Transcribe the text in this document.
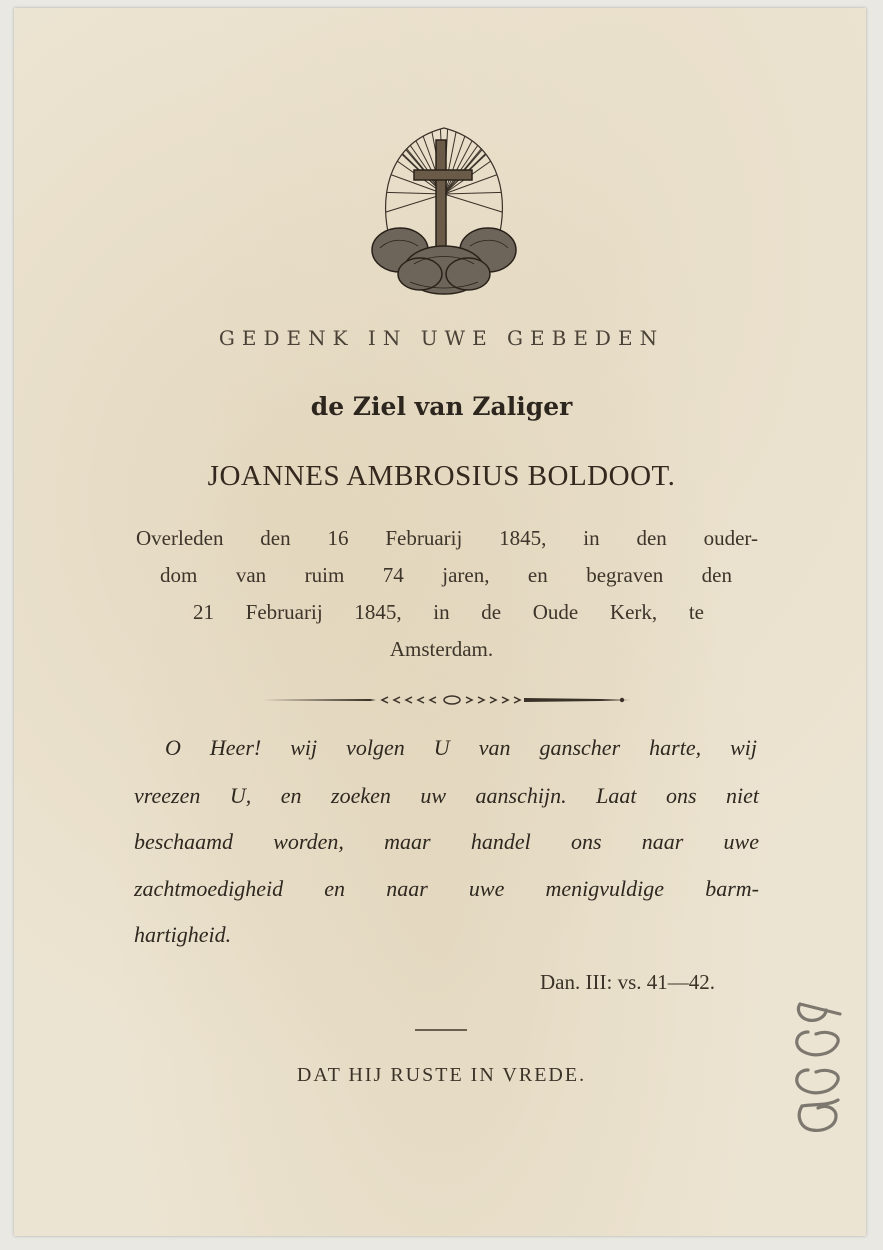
GEDENK IN UWE GEBEDEN
de Ziel van Zaliger
JOANNES AMBROSIUS BOLDOOT.
Overleden den 16 Februarij 1845, in den ouder-
dom van ruim 74 jaren, en begraven den
21 Februarij 1845, in de Oude Kerk, te
Amsterdam.
O Heer! wij volgen U van ganscher harte, wij
vreezen U, en zoeken uw aanschijn. Laat ons niet
beschaamd worden, maar handel ons naar uwe
zachtmoedigheid en naar uwe menigvuldige barm-
hartigheid.
Dan. III: vs. 41—42.
DAT HIJ RUSTE IN VREDE.
